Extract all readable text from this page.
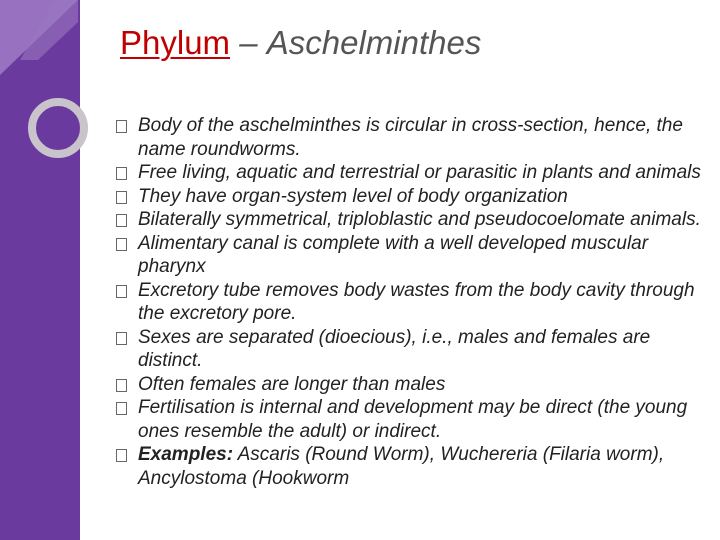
Phylum – Aschelminthes
Body of the aschelminthes is circular in cross-section, hence, the name roundworms.
Free living, aquatic and terrestrial or parasitic in plants and animals
They have organ-system level of body organization
Bilaterally symmetrical, triploblastic and pseudocoelomate animals.
Alimentary canal is complete with a well developed muscular pharynx
Excretory tube removes body wastes from the body cavity through the excretory pore.
Sexes are separated (dioecious), i.e., males and females are distinct.
Often females are longer than males
Fertilisation is internal and development may be direct (the young ones resemble the adult) or indirect.
Examples: Ascaris (Round Worm), Wuchereria (Filaria worm), Ancylostoma (Hookworm
